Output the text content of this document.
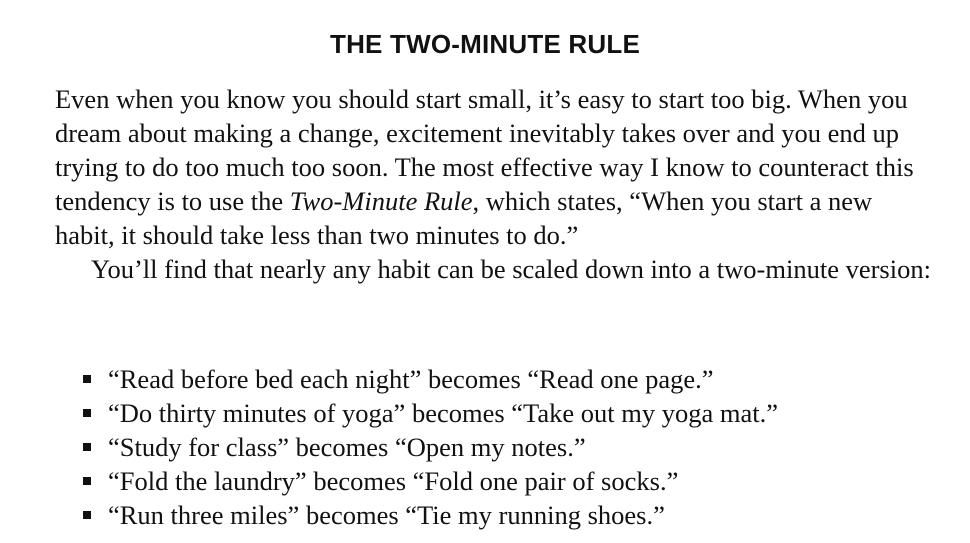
THE TWO-MINUTE RULE

Even when you know you should start small, it’s easy to start too big. When you dream about making a change, excitement inevitably takes over and you end up trying to do too much too soon. The most effective way I know to counteract this tendency is to use the Two-Minute Rule, which states, “When you start a new habit, it should take less than two minutes to do.”

You’ll find that nearly any habit can be scaled down into a two-minute version:

“Read before bed each night” becomes “Read one page.”
“Do thirty minutes of yoga” becomes “Take out my yoga mat.”
“Study for class” becomes “Open my notes.”
“Fold the laundry” becomes “Fold one pair of socks.”
“Run three miles” becomes “Tie my running shoes.”
